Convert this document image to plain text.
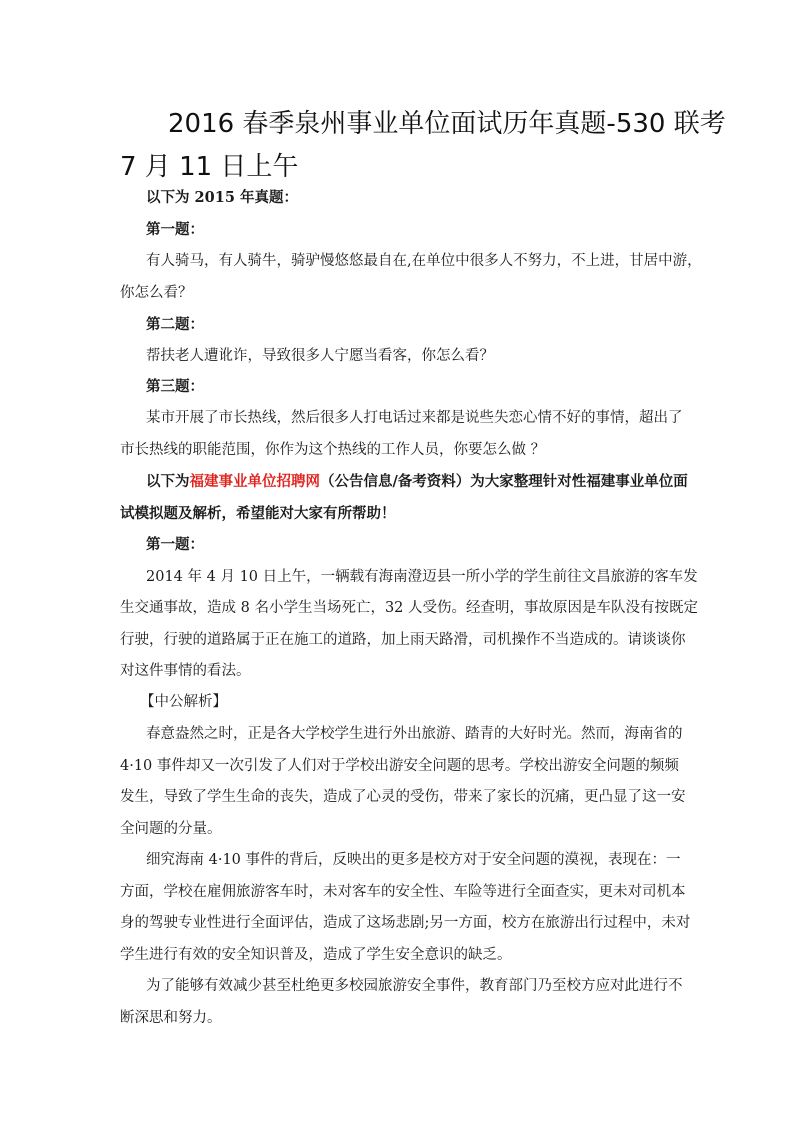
2016 春季泉州事业单位面试历年真题-530 联考
7 月 11 日上午
以下为 2015 年真题：
第一题：
有人骑马，有人骑牛，骑驴慢悠悠最自在,在单位中很多人不努力，不上进，甘居中游，
你怎么看？
第二题：
帮扶老人遭讹诈，导致很多人宁愿当看客，你怎么看？
第三题：
某市开展了市长热线，然后很多人打电话过来都是说些失恋心情不好的事情，超出了
市长热线的职能范围，你作为这个热线的工作人员，你要怎么做 ？
以下为福建事业单位招聘网（公告信息/备考资料）为大家整理针对性福建事业单位面
试模拟题及解析，希望能对大家有所帮助！
第一题：
2014 年 4 月 10 日上午，一辆载有海南澄迈县一所小学的学生前往文昌旅游的客车发
生交通事故，造成 8 名小学生当场死亡，32 人受伤。经查明，事故原因是车队没有按既定
行驶，行驶的道路属于正在施工的道路，加上雨天路滑，司机操作不当造成的。请谈谈你
对这件事情的看法。
【中公解析】
春意盎然之时，正是各大学校学生进行外出旅游、踏青的大好时光。然而，海南省的
4·10 事件却又一次引发了人们对于学校出游安全问题的思考。学校出游安全问题的频频
发生，导致了学生生命的丧失，造成了心灵的受伤，带来了家长的沉痛，更凸显了这一安
全问题的分量。
细究海南 4·10 事件的背后，反映出的更多是校方对于安全问题的漠视，表现在：一
方面，学校在雇佣旅游客车时，未对客车的安全性、车险等进行全面查实，更未对司机本
身的驾驶专业性进行全面评估，造成了这场悲剧;另一方面，校方在旅游出行过程中，未对
学生进行有效的安全知识普及，造成了学生安全意识的缺乏。
为了能够有效减少甚至杜绝更多校园旅游安全事件，教育部门乃至校方应对此进行不
断深思和努力。
